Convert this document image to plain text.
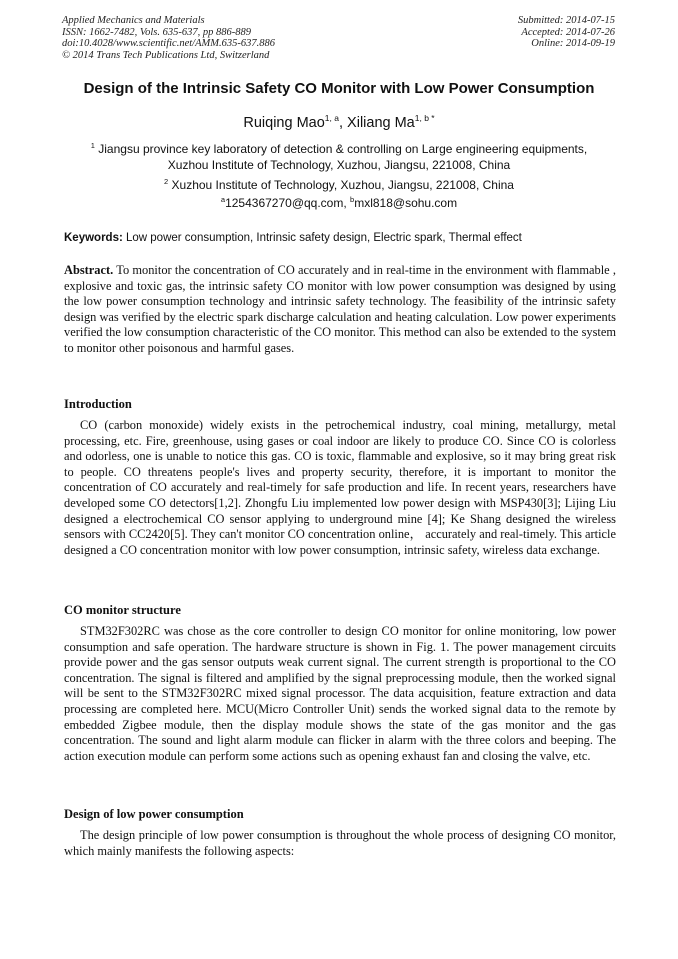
Applied Mechanics and Materials
ISSN: 1662-7482, Vols. 635-637, pp 886-889
doi:10.4028/www.scientific.net/AMM.635-637.886
© 2014 Trans Tech Publications Ltd, Switzerland
Submitted: 2014-07-15
Accepted: 2014-07-26
Online: 2014-09-19
Design of the Intrinsic Safety CO Monitor with Low Power Consumption
Ruiqing Mao$^{1, a}$, Xiliang $Ma^{1, b *}$
$^1$ Jiangsu province key laboratory of detection & controlling on Large engineering equipments,
Xuzhou Institute of Technology, Xuzhou, Jiangsu, 221008, China
$^2$ Xuzhou Institute of Technology, Xuzhou, Jiangsu, 221008, China
$^a$1254367270@qq.com, $^b$mxl818@sohu.com
Keywords: Low power consumption, Intrinsic safety design, Electric spark, Thermal effect
Abstract. To monitor the concentration of CO accurately and in real-time in the environment with flammable , explosive and toxic gas, the intrinsic safety CO monitor with low power consumption was designed by using the low power consumption technology and intrinsic safety technology. The feasibility of the intrinsic safety design was verified by the electric spark discharge calculation and heating calculation. Low power experiments verified the low consumption characteristic of the CO monitor. This method can also be extended to the system to monitor other poisonous and harmful gases.
Introduction
CO (carbon monoxide) widely exists in the petrochemical industry, coal mining, metallurgy, metal processing, etc. Fire, greenhouse, using gases or coal indoor are likely to produce CO. Since CO is colorless and odorless, one is unable to notice this gas. CO is toxic, flammable and explosive, so it may bring great risk to people. CO threatens people's lives and property security, therefore, it is important to monitor the concentration of CO accurately and real-timely for safe production and life. In recent years, researchers have developed some CO detectors[1,2]. Zhongfu Liu implemented low power design with MSP430[3]; Lijing Liu designed a electrochemical CO sensor applying to underground mine [4]; Ke Shang designed the wireless sensors with CC2420[5]. They can't monitor CO concentration online， accurately and real-timely. This article designed a CO concentration monitor with low power consumption, intrinsic safety, wireless data exchange.
CO monitor structure
STM32F302RC was chose as the core controller to design CO monitor for online monitoring, low power consumption and safe operation. The hardware structure is shown in Fig. 1. The power management circuits provide power and the gas sensor outputs weak current signal. The current strength is proportional to the CO concentration. The signal is filtered and amplified by the signal preprocessing module, then the worked signal will be sent to the STM32F302RC mixed signal processor. The data acquisition, feature extraction and data processing are completed here. MCU(Micro Controller Unit) sends the worked signal data to the remote by embedded Zigbee module, then the display module shows the state of the gas monitor and the gas concentration. The sound and light alarm module can flicker in alarm with the three colors and beeping. The action execution module can perform some actions such as opening exhaust fan and closing the valve, etc.
Design of low power consumption
The design principle of low power consumption is throughout the whole process of designing CO monitor, which mainly manifests the following aspects:
